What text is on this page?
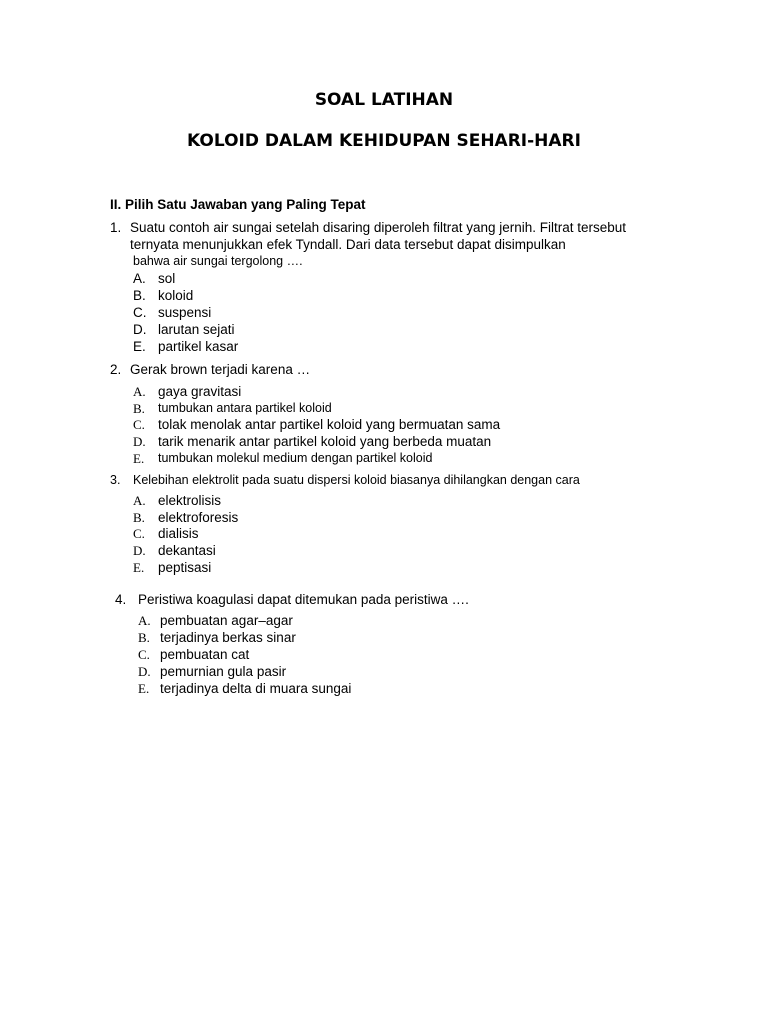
SOAL LATIHAN
KOLOID DALAM KEHIDUPAN SEHARI-HARI
II. Pilih Satu Jawaban yang Paling Tepat
1. Suatu contoh air sungai setelah disaring diperoleh filtrat yang jernih. Filtrat tersebut
ternyata menunjukkan efek Tyndall. Dari data tersebut dapat disimpulkan
bahwa air sungai tergolong ….
A. sol
B. koloid
C. suspensi
D. larutan sejati
E. partikel kasar
2. Gerak brown terjadi karena …
A. gaya gravitasi
B. tumbukan antara partikel koloid
C. tolak menolak antar partikel koloid yang bermuatan sama
D. tarik menarik antar partikel koloid yang berbeda muatan
E. tumbukan molekul medium dengan partikel koloid
3. Kelebihan elektrolit pada suatu dispersi koloid biasanya dihilangkan dengan cara
A. elektrolisis
B. elektroforesis
C. dialisis
D. dekantasi
E. peptisasi
4. Peristiwa koagulasi dapat ditemukan pada peristiwa ….
A. pembuatan agar–agar
B. terjadinya berkas sinar
C. pembuatan cat
D. pemurnian gula pasir
E. terjadinya delta di muara sungai
